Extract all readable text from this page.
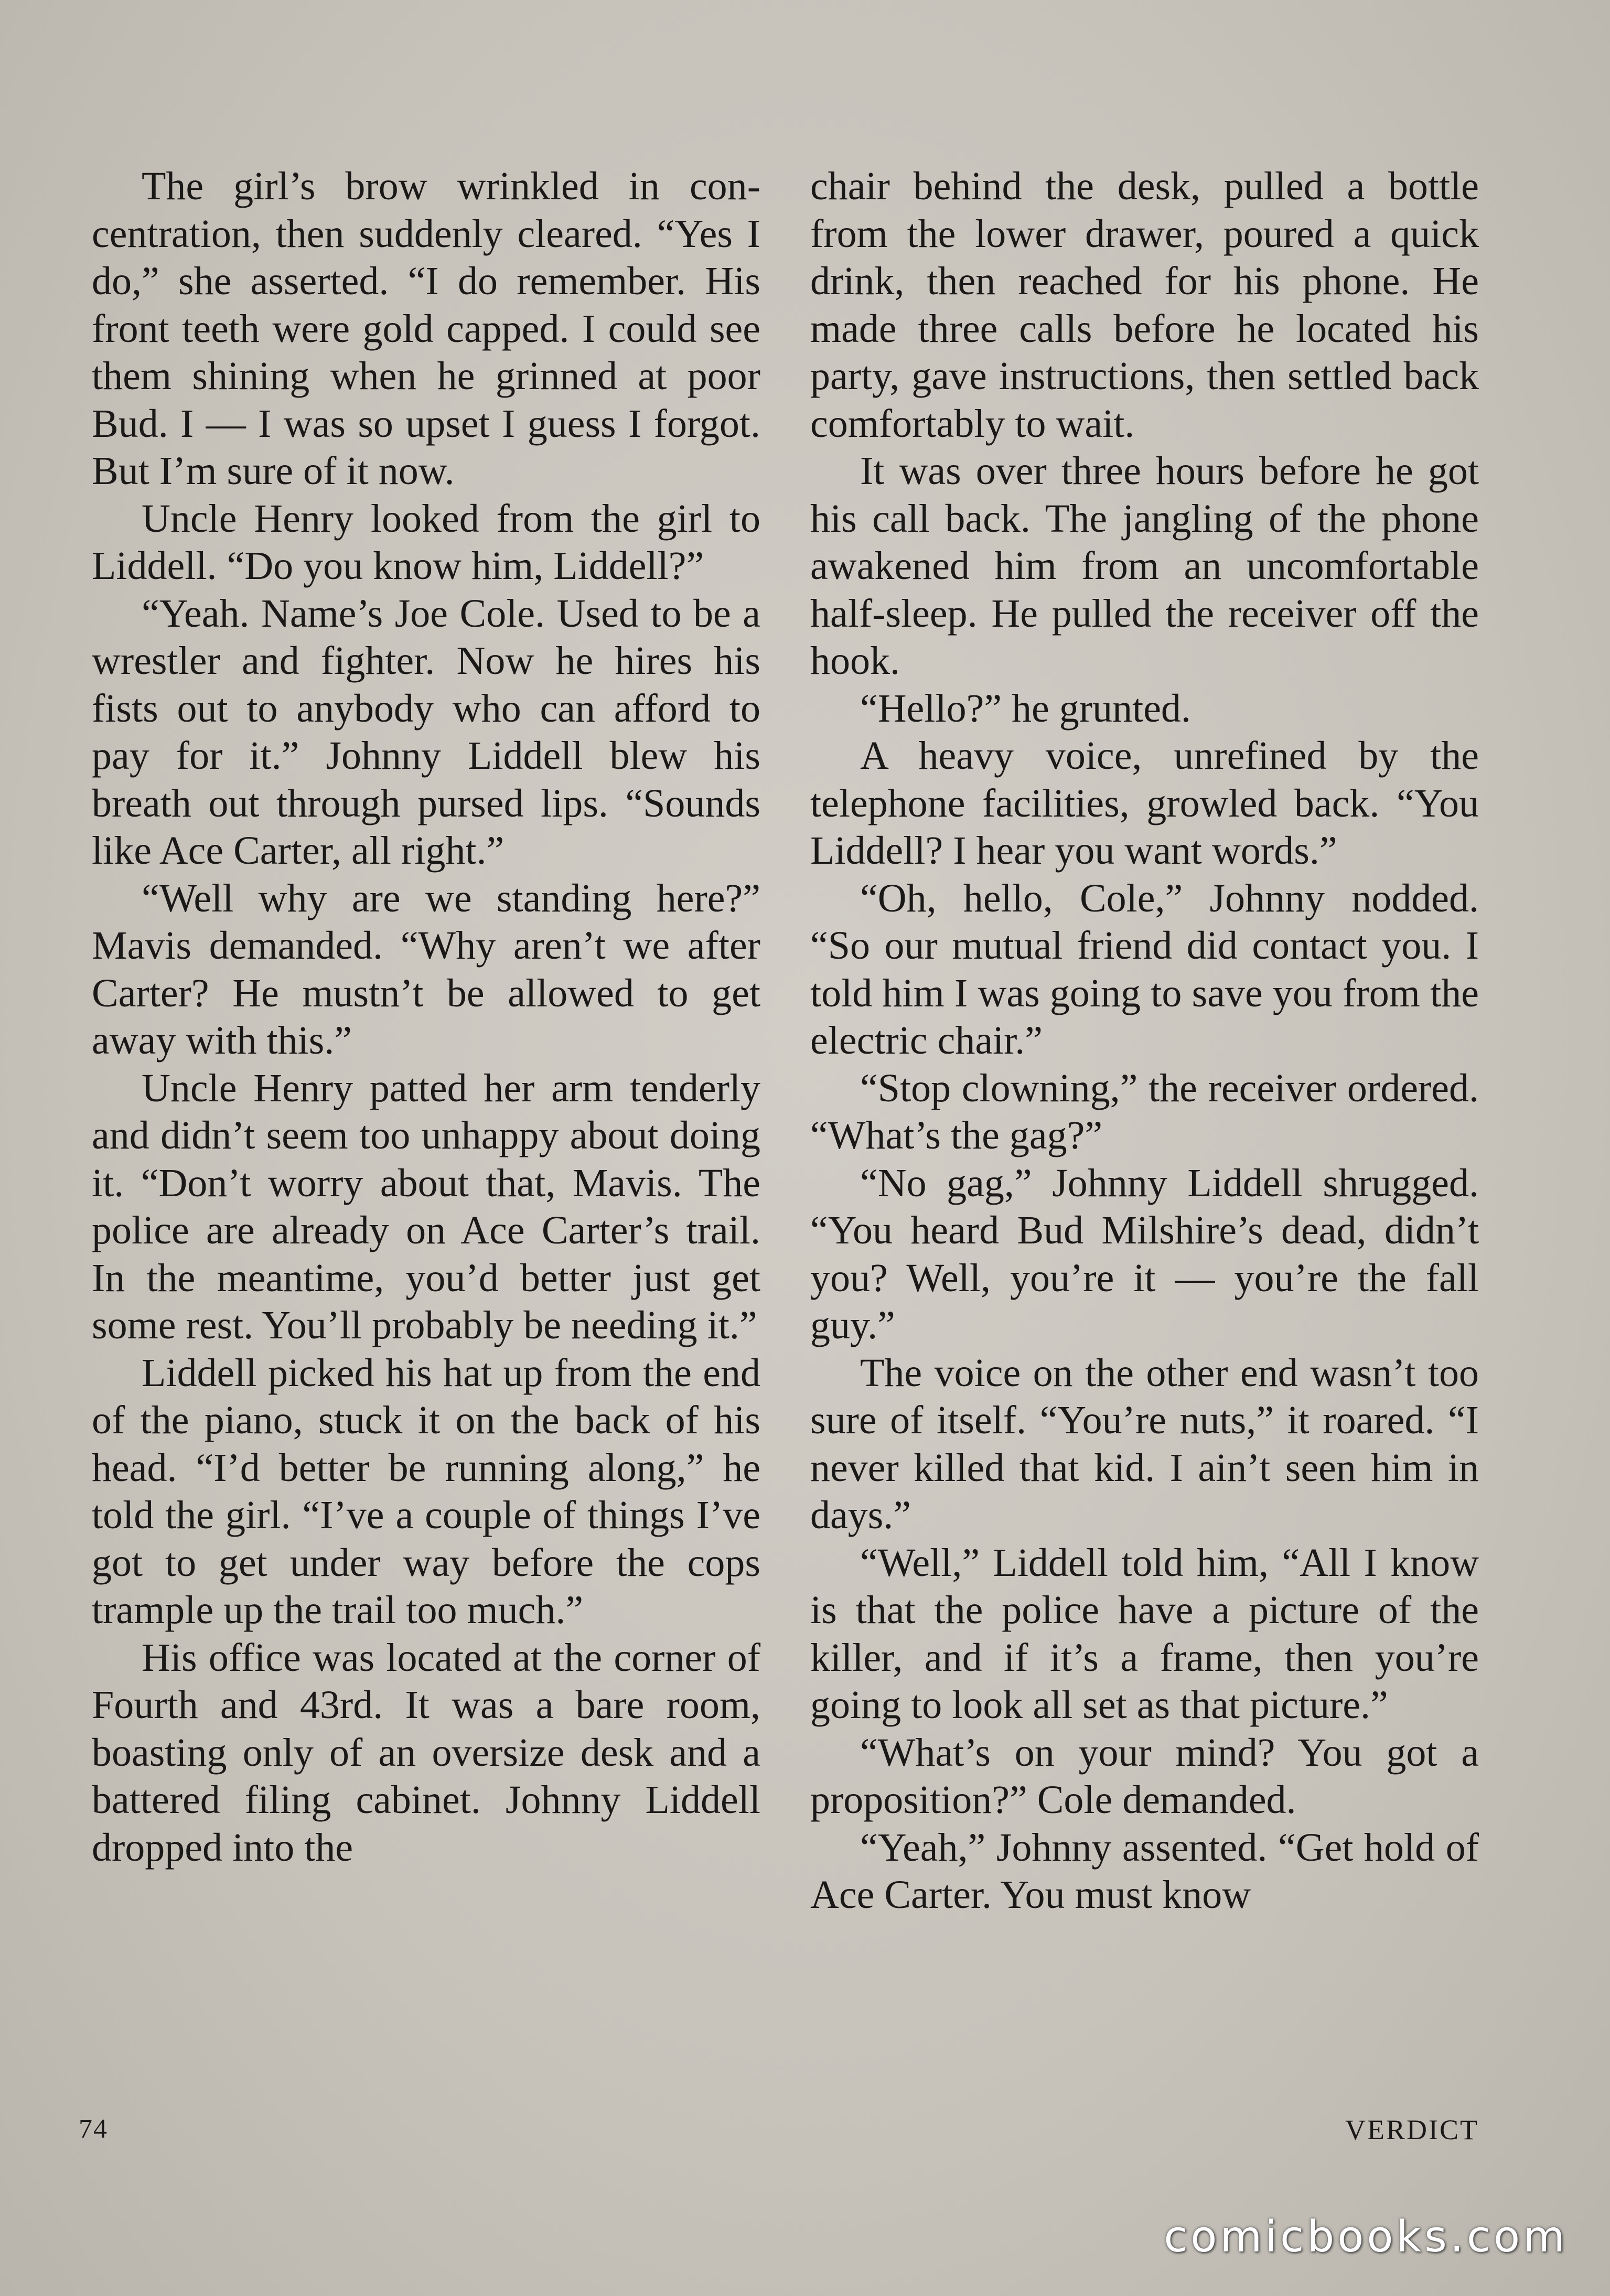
The girl’s brow wrinkled in concentration, then suddenly cleared. “Yes I do,” she asserted. “I do remember. His front teeth were gold capped. I could see them shining when he grinned at poor Bud. I — I was so upset I guess I forgot. But I’m sure of it now.

Uncle Henry looked from the girl to Liddell. “Do you know him, Liddell?”

“Yeah. Name’s Joe Cole. Used to be a wrestler and fighter. Now he hires his fists out to anybody who can afford to pay for it.” Johnny Liddell blew his breath out through pursed lips. “Sounds like Ace Carter, all right.”

“Well why are we standing here?” Mavis demanded. “Why aren’t we after Carter? He mustn’t be allowed to get away with this.”

Uncle Henry patted her arm tenderly and didn’t seem too unhappy about doing it. “Don’t worry about that, Mavis. The police are already on Ace Carter’s trail. In the meantime, you’d better just get some rest. You’ll probably be needing it.”

Liddell picked his hat up from the end of the piano, stuck it on the back of his head. “I’d better be running along,” he told the girl. “I’ve a couple of things I’ve got to get under way before the cops trample up the trail too much.”

His office was located at the corner of Fourth and 43rd. It was a bare room, boasting only of an oversize desk and a battered filing cabinet. Johnny Liddell dropped into the

chair behind the desk, pulled a bottle from the lower drawer, poured a quick drink, then reached for his phone. He made three calls before he located his party, gave instructions, then settled back comfortably to wait.

It was over three hours before he got his call back. The jangling of the phone awakened him from an uncomfortable half-sleep. He pulled the receiver off the hook.

“Hello?” he grunted.

A heavy voice, unrefined by the telephone facilities, growled back. “You Liddell? I hear you want words.”

“Oh, hello, Cole,” Johnny nodded. “So our mutual friend did contact you. I told him I was going to save you from the electric chair.”

“Stop clowning,” the receiver ordered. “What’s the gag?”

“No gag,” Johnny Liddell shrugged. “You heard Bud Milshire’s dead, didn’t you? Well, you’re it — you’re the fall guy.”

The voice on the other end wasn’t too sure of itself. “You’re nuts,” it roared. “I never killed that kid. I ain’t seen him in days.”

“Well,” Liddell told him, “All I know is that the police have a picture of the killer, and if it’s a frame, then you’re going to look all set as that picture.”

“What’s on your mind? You got a proposition?” Cole demanded.

“Yeah,” Johnny assented. “Get hold of Ace Carter. You must know

74	VERDICT
comicbooks.com
